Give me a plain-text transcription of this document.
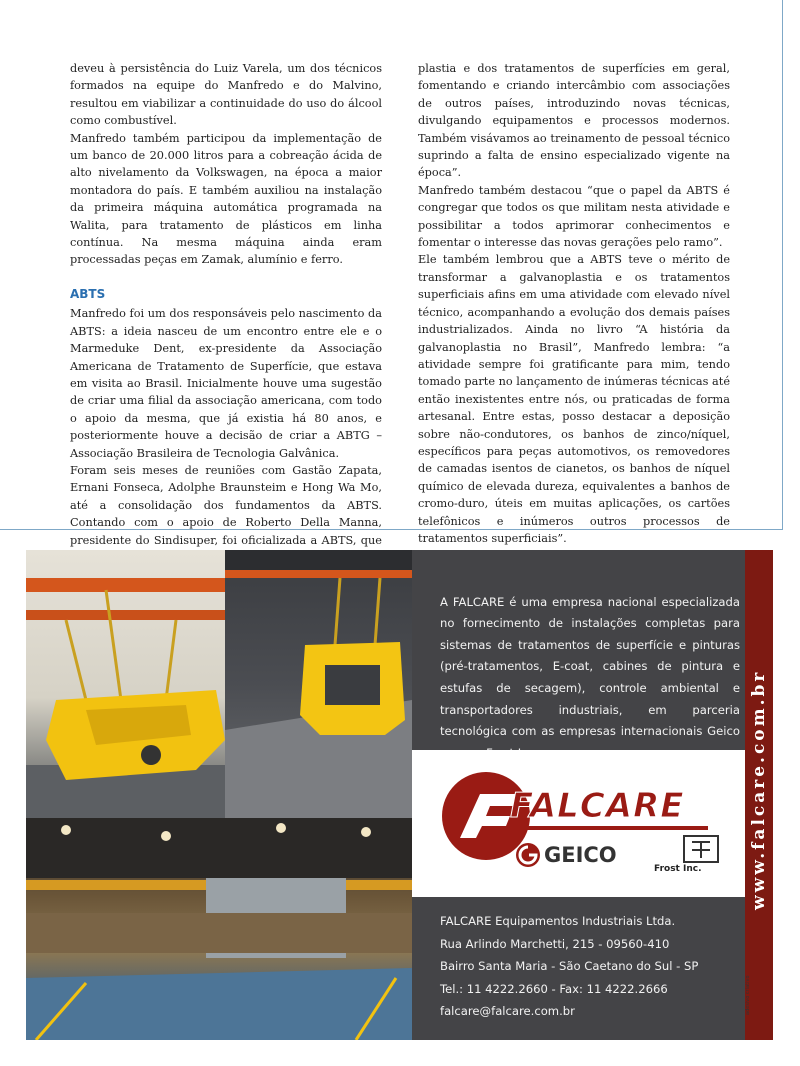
deveu à persistência do Luiz Varela, um dos técnicos formados na equipe do Manfredo e do Malvino, resultou em viabilizar a continuidade do uso do álcool como combustível.

Manfredo também participou da implementação de um banco de 20.000 litros para a cobreação ácida de alto nivelamento da Volkswagen, na época a maior montadora do país. E também auxiliou na instalação da primeira máquina automática programada na Walita, para tratamento de plásticos em linha contínua. Na mesma máquina ainda eram processadas peças em Zamak, alumínio e ferro.

ABTS

Manfredo foi um dos responsáveis pelo nascimento da ABTS: a ideia nasceu de um encontro entre ele e o Marmeduke Dent, ex-presidente da Associação Americana de Tratamento de Superfície, que estava em visita ao Brasil. Inicialmente houve uma sugestão de criar uma filial da associação americana, com todo o apoio da mesma, que já existia há 80 anos, e posteriormente houve a decisão de criar a ABTG – Associação Brasileira de Tecnologia Galvânica.

Foram seis meses de reuniões com Gastão Zapata, Ernani Fonseca, Adolphe Braunsteim e Hong Wa Mo, até a consolidação dos fundamentos da ABTS. Contando com o apoio de Roberto Della Manna, presidente do Sindisuper, foi oficializada a ABTS, que

plastia e dos tratamentos de superfícies em geral, fomentando e criando intercâmbio com associações de outros países, introduzindo novas técnicas, divulgando equipamentos e processos modernos. Também visávamos ao treinamento de pessoal técnico suprindo a falta de ensino especializado vigente na época”.

Manfredo também destacou “que o papel da ABTS é congregar que todos os que militam nesta atividade e possibilitar a todos aprimorar conhecimentos e fomentar o interesse das novas gerações pelo ramo”.

Ele também lembrou que a ABTS teve o mérito de transformar a galvanoplastia e os tratamentos superficiais afins em uma atividade com elevado nível técnico, acompanhando a evolução dos demais países industrializados. Ainda no livro “A história da galvanoplastia no Brasil”, Manfredo lembra: “a atividade sempre foi gratificante para mim, tendo tomado parte no lançamento de inúmeras técnicas até então inexistentes entre nós, ou praticadas de forma artesanal. Entre estas, posso destacar a deposição sobre não-condutores, os banhos de zinco/níquel, específicos para peças automotivos, os removedores de camadas isentos de cianetos, os banhos de níquel químico de elevada dureza, equivalentes a banhos de cromo-duro, úteis em muitas aplicações, os cartões telefônicos e inúmeros outros processos de tratamentos superficiais”.

A FALCARE é uma empresa nacional especializada no fornecimento de instalações completas para sistemas de tratamentos de superfície e pinturas (pré-tratamentos, E-coat, cabines de pintura e estufas de secagem), controle ambiental e transportadores industriais, em parceria tecnológica com as empresas internacionais Geico

FALCARE
GEICO
Frost Inc.
FALCARE Equipamentos Industriais Ltda.
Rua Arlindo Marchetti, 215 - 09560-410
Bairro Santa Maria - São Caetano do Sul - SP
Tel.: 11 4222.2660 - Fax: 11 4222.2666
falcare@falcare.com.br
www.falcare.com.br
adesivo criativo
